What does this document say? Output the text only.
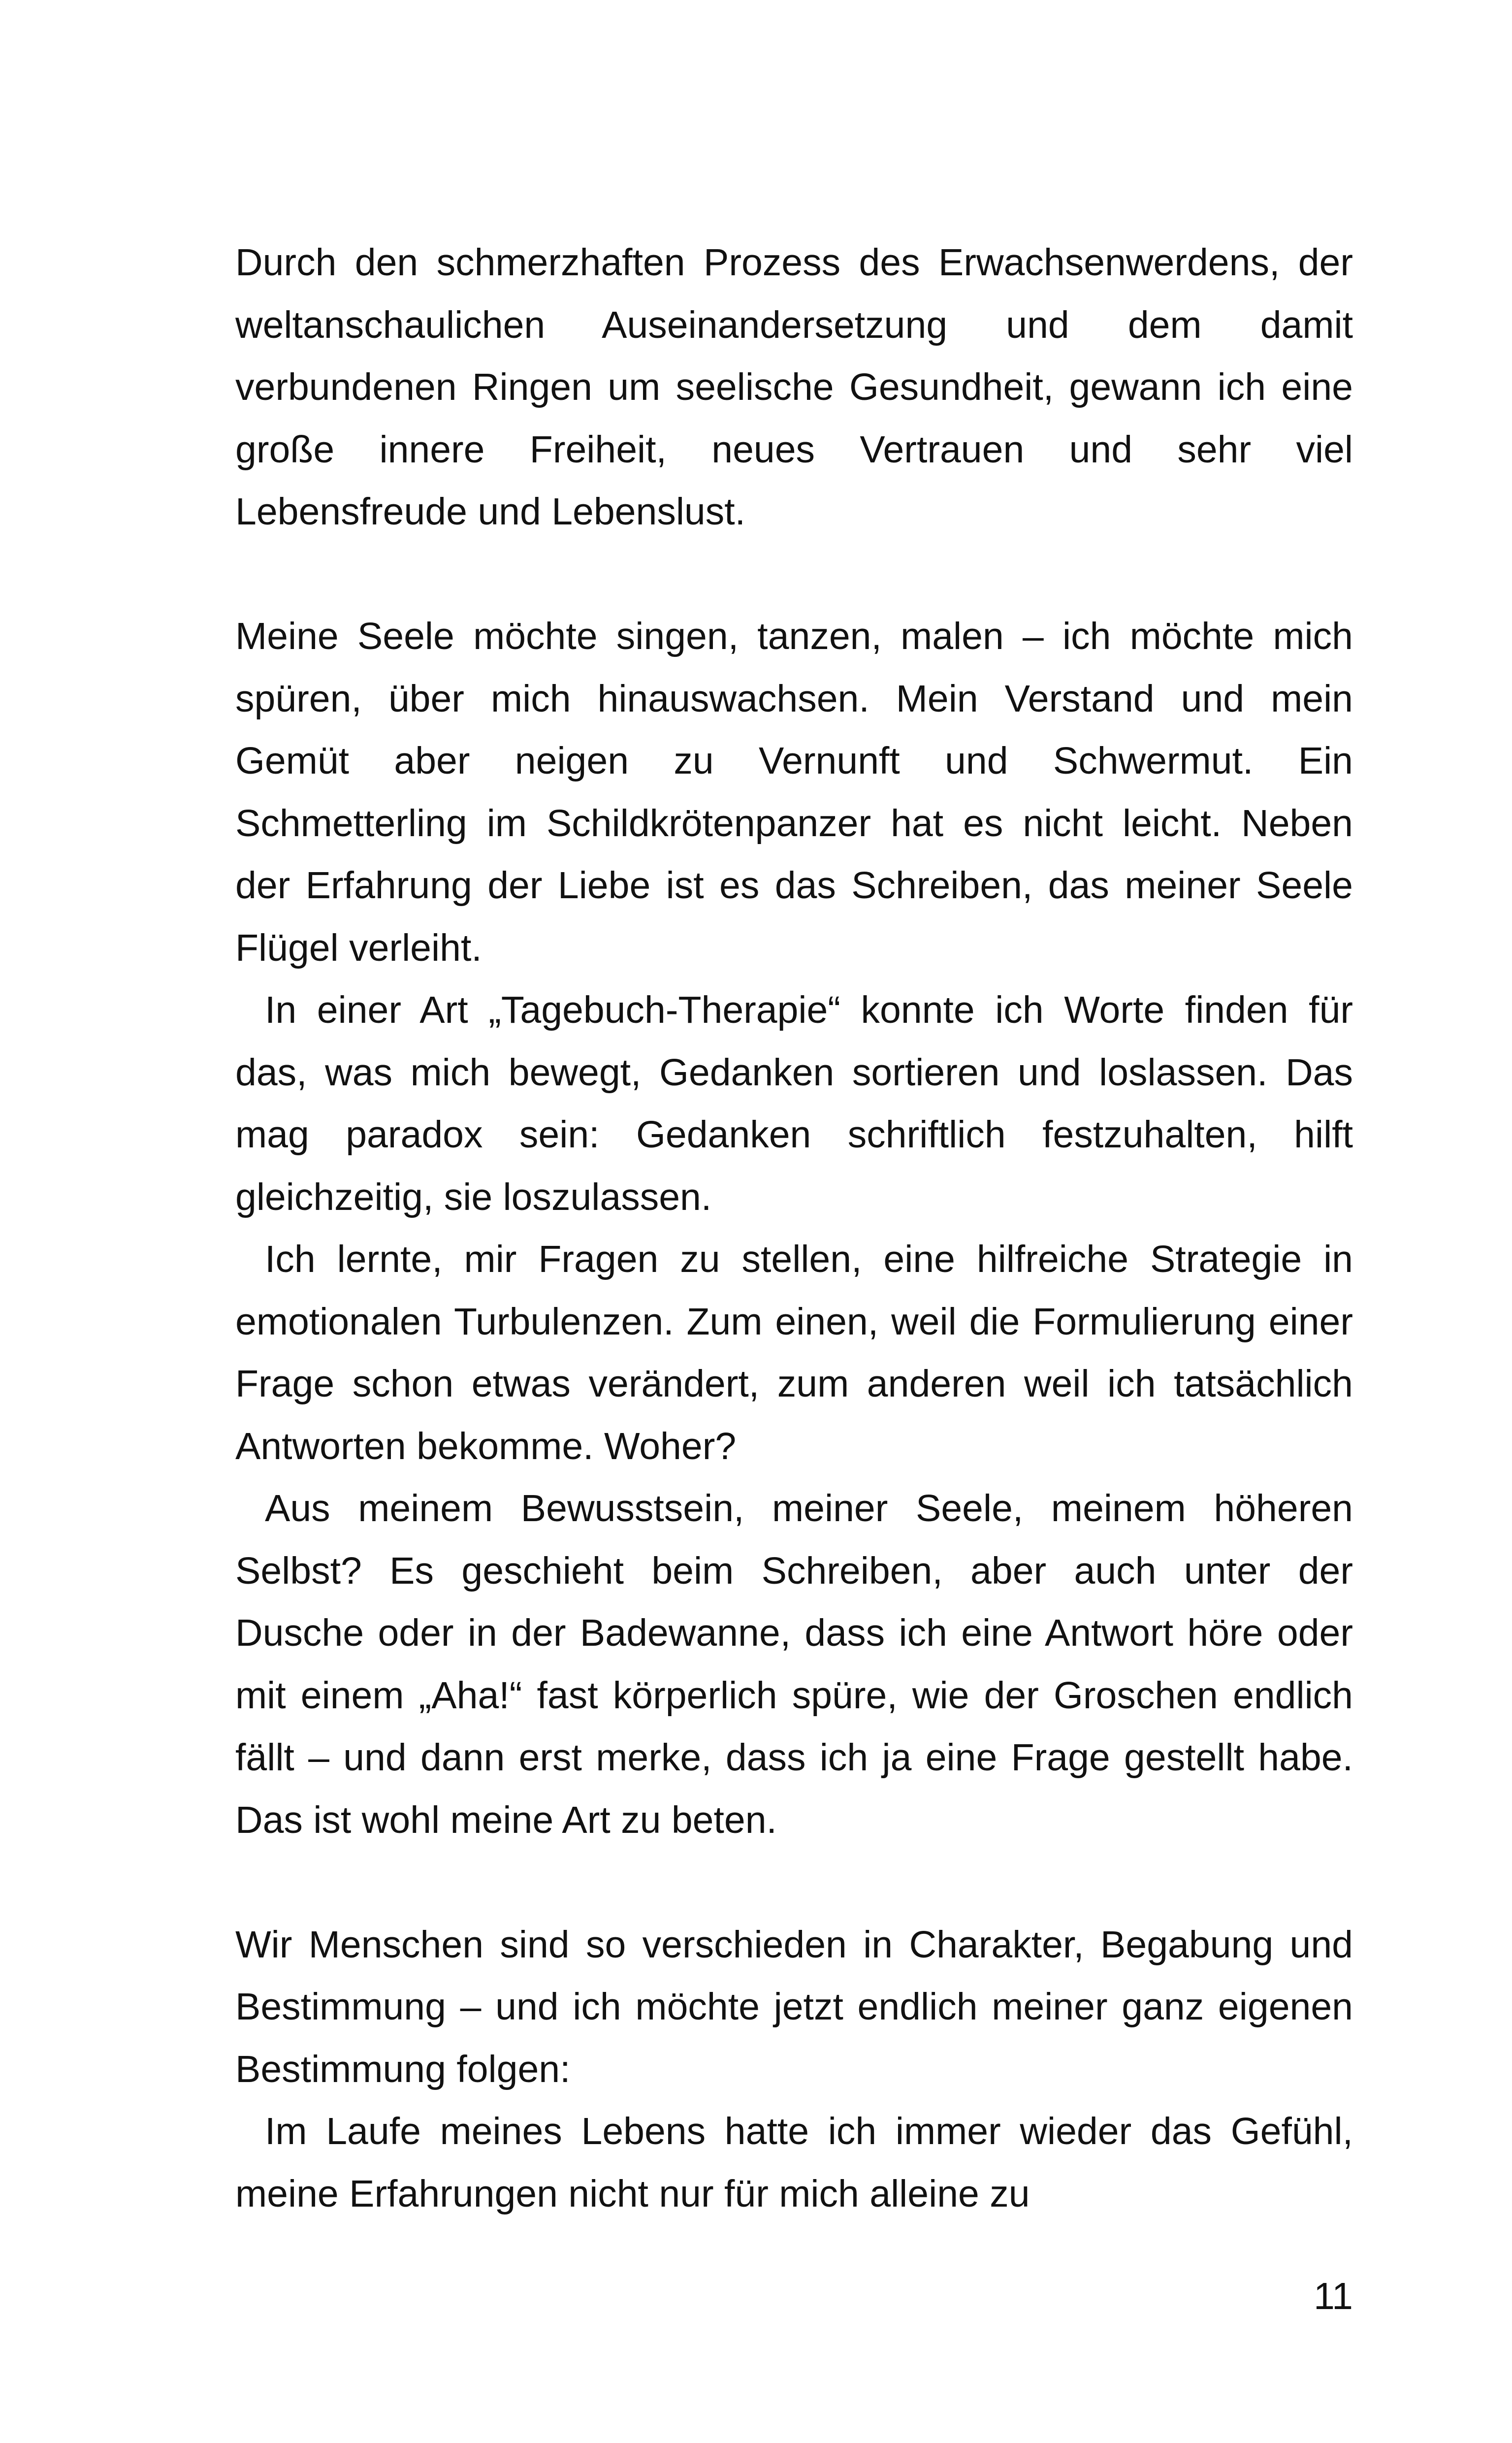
Durch den schmerzhaften Prozess des Erwachsenwerdens, der weltanschaulichen Auseinandersetzung und dem damit verbundenen Ringen um seelische Gesundheit, gewann ich eine große innere Freiheit, neues Vertrauen und sehr viel Lebensfreude und Lebenslust.

Meine Seele möchte singen, tanzen, malen – ich möchte mich spüren, über mich hinauswachsen. Mein Verstand und mein Gemüt aber neigen zu Vernunft und Schwermut. Ein Schmetterling im Schildkrötenpanzer hat es nicht leicht. Neben der Erfahrung der Liebe ist es das Schreiben, das meiner Seele Flügel verleiht.

In einer Art „Tagebuch-Therapie“ konnte ich Worte finden für das, was mich bewegt, Gedanken sortieren und loslassen. Das mag paradox sein: Gedanken schriftlich festzuhalten, hilft gleichzeitig, sie loszulassen.

Ich lernte, mir Fragen zu stellen, eine hilfreiche Strategie in emotionalen Turbulenzen. Zum einen, weil die Formulierung einer Frage schon etwas verändert, zum anderen weil ich tatsächlich Antworten bekomme. Woher?

Aus meinem Bewusstsein, meiner Seele, meinem höheren Selbst? Es geschieht beim Schreiben, aber auch unter der Dusche oder in der Badewanne, dass ich eine Antwort höre oder mit einem „Aha!“ fast körperlich spüre, wie der Groschen endlich fällt – und dann erst merke, dass ich ja eine Frage gestellt habe. Das ist wohl meine Art zu beten.

Wir Menschen sind so verschieden in Charakter, Begabung und Bestimmung – und ich möchte jetzt endlich meiner ganz eigenen Bestimmung folgen:

Im Laufe meines Lebens hatte ich immer wieder das Gefühl, meine Erfahrungen nicht nur für mich alleine zu

11
